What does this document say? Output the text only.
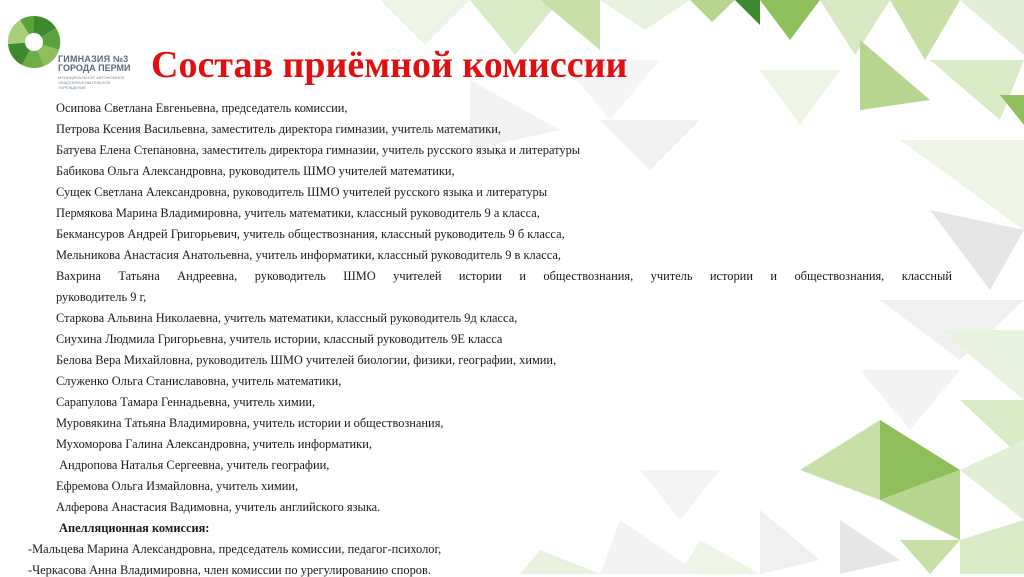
ГИМНАЗИЯ №3
ГОРОДА ПЕРМИ
МУНИЦИПАЛЬНОЕ АВТОНОМНОЕ ОБЩЕОБРАЗОВАТЕЛЬНОЕ УЧРЕЖДЕНИЕ
Состав приёмной комиссии
Осипова Светлана Евгеньевна, председатель комиссии,
Петрова Ксения Васильевна, заместитель директора гимназии, учитель математики,
Батуева Елена Степановна, заместитель директора гимназии, учитель русского языка и литературы
Бабикова Ольга Александровна, руководитель ШМО учителей математики,
Сущек Светлана Александровна, руководитель ШМО учителей русского языка и литературы
Пермякова Марина Владимировна, учитель математики, классный руководитель 9 а класса,
Бекмансуров Андрей Григорьевич, учитель обществознания, классный руководитель 9 б класса,
Мельникова Анастасия Анатольевна, учитель информатики, классный руководитель 9 в класса,
Вахрина Татьяна Андреевна, руководитель ШМО учителей истории и обществознания, учитель истории и обществознания, классный
руководитель 9 г,
Старкова Альвина Николаевна, учитель математики, классный руководитель 9д класса,
Сиухина Людмила Григорьевна, учитель истории, классный руководитель 9Е класса
Белова Вера Михайловна, руководитель ШМО учителей биологии, физики, географии, химии,
Служенко Ольга Станиславовна, учитель математики,
Сарапулова Тамара Геннадьевна, учитель химии,
Муровякина Татьяна Владимировна, учитель истории и обществознания,
Мухоморова Галина Александровна, учитель информатики,
Андропова Наталья Сергеевна, учитель географии,
Ефремова Ольга Измайловна, учитель химии,
Алферова Анастасия Вадимовна, учитель английского языка.
Апелляционная комиссия:
-Мальцева Марина Александровна, председатель комиссии, педагог-психолог,
-Черкасова Анна Владимировна, член комиссии по урегулированию споров.
